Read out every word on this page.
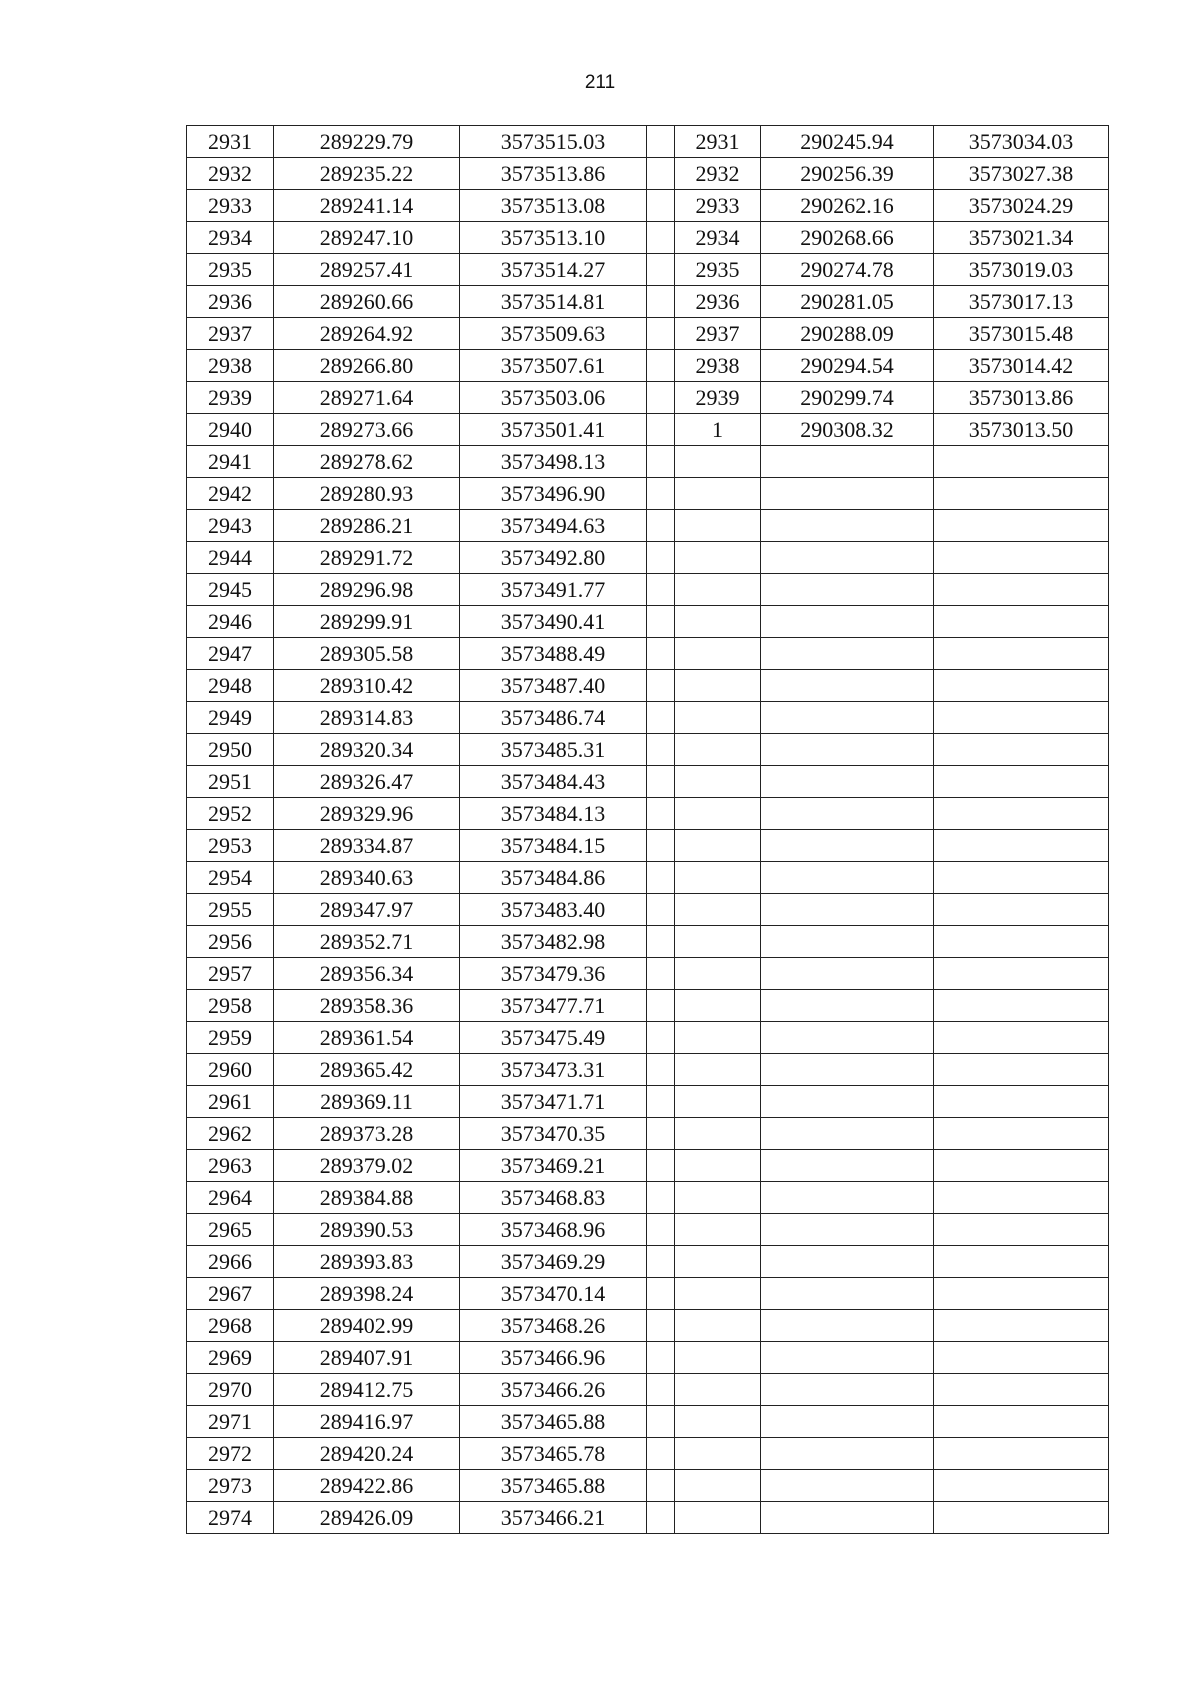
211
2931	289229.79	3573515.03		2931	290245.94	3573034.03
2932	289235.22	3573513.86		2932	290256.39	3573027.38
2933	289241.14	3573513.08		2933	290262.16	3573024.29
2934	289247.10	3573513.10		2934	290268.66	3573021.34
2935	289257.41	3573514.27		2935	290274.78	3573019.03
2936	289260.66	3573514.81		2936	290281.05	3573017.13
2937	289264.92	3573509.63		2937	290288.09	3573015.48
2938	289266.80	3573507.61		2938	290294.54	3573014.42
2939	289271.64	3573503.06		2939	290299.74	3573013.86
2940	289273.66	3573501.41		1	290308.32	3573013.50
2941	289278.62	3573498.13				
2942	289280.93	3573496.90				
2943	289286.21	3573494.63				
2944	289291.72	3573492.80				
2945	289296.98	3573491.77				
2946	289299.91	3573490.41				
2947	289305.58	3573488.49				
2948	289310.42	3573487.40				
2949	289314.83	3573486.74				
2950	289320.34	3573485.31				
2951	289326.47	3573484.43				
2952	289329.96	3573484.13				
2953	289334.87	3573484.15				
2954	289340.63	3573484.86				
2955	289347.97	3573483.40				
2956	289352.71	3573482.98				
2957	289356.34	3573479.36				
2958	289358.36	3573477.71				
2959	289361.54	3573475.49				
2960	289365.42	3573473.31				
2961	289369.11	3573471.71				
2962	289373.28	3573470.35				
2963	289379.02	3573469.21				
2964	289384.88	3573468.83				
2965	289390.53	3573468.96				
2966	289393.83	3573469.29				
2967	289398.24	3573470.14				
2968	289402.99	3573468.26				
2969	289407.91	3573466.96				
2970	289412.75	3573466.26				
2971	289416.97	3573465.88				
2972	289420.24	3573465.78				
2973	289422.86	3573465.88				
2974	289426.09	3573466.21				
